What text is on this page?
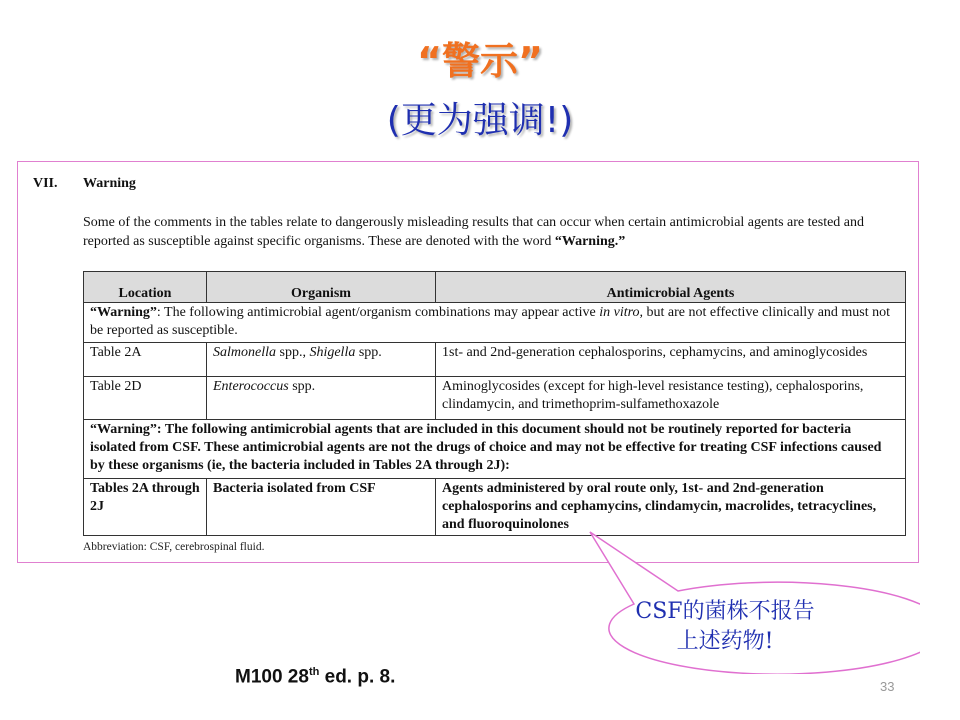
“警示”
(更为强调!)
VII. Warning
Some of the comments in the tables relate to dangerously misleading results that can occur when certain antimicrobial agents are tested and reported as susceptible against specific organisms. These are denoted with the word “Warning.”
Location	Organism	Antimicrobial Agents
“Warning”: The following antimicrobial agent/organism combinations may appear active in vitro, but are not effective clinically and must not be reported as susceptible.		
Table 2A	Salmonella spp., Shigella spp.	1st- and 2nd-generation cephalosporins, cephamycins, and aminoglycosides
Table 2D	Enterococcus spp.	Aminoglycosides (except for high-level resistance testing), cephalosporins, clindamycin, and trimethoprim-sulfamethoxazole
“Warning”: The following antimicrobial agents that are included in this document should not be routinely reported for bacteria isolated from CSF. These antimicrobial agents are not the drugs of choice and may not be effective for treating CSF infections caused by these organisms (ie, the bacteria included in Tables 2A through 2J):		
Tables 2A through 2J	Bacteria isolated from CSF	Agents administered by oral route only, 1st- and 2nd-generation cephalosporins and cephamycins, clindamycin, macrolides, tetracyclines, and fluoroquinolones
Abbreviation: CSF, cerebrospinal fluid.
CSF的菌株不报告
上述药物!
M100 28th ed. p. 8.	33
